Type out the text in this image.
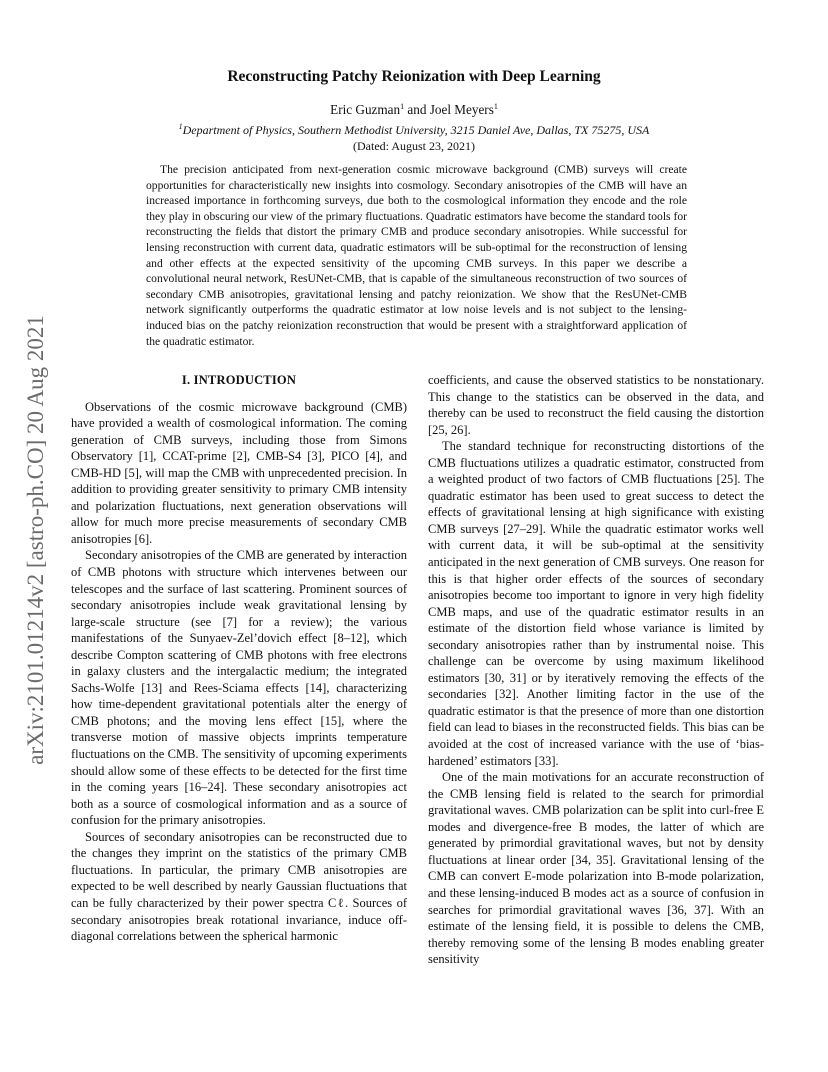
arXiv:2101.01214v2 [astro-ph.CO] 20 Aug 2021
Reconstructing Patchy Reionization with Deep Learning
Eric Guzman$^1$ and Joel Meyers$^1$
$^1$Department of Physics, Southern Methodist University, 3215 Daniel Ave, Dallas, TX 75275, USA
(Dated: August 23, 2021)
The precision anticipated from next-generation cosmic microwave background (CMB) surveys will create opportunities for characteristically new insights into cosmology. Secondary anisotropies of the CMB will have an increased importance in forthcoming surveys, due both to the cosmological information they encode and the role they play in obscuring our view of the primary fluctuations. Quadratic estimators have become the standard tools for reconstructing the fields that distort the primary CMB and produce secondary anisotropies. While successful for lensing reconstruction with current data, quadratic estimators will be sub-optimal for the reconstruction of lensing and other effects at the expected sensitivity of the upcoming CMB surveys. In this paper we describe a convolutional neural network, ResUNet-CMB, that is capable of the simultaneous reconstruction of two sources of secondary CMB anisotropies, gravitational lensing and patchy reionization. We show that the ResUNet-CMB network significantly outperforms the quadratic estimator at low noise levels and is not subject to the lensing-induced bias on the patchy reionization reconstruction that would be present with a straightforward application of the quadratic estimator.
I. INTRODUCTION

Observations of the cosmic microwave background (CMB) have provided a wealth of cosmological information. The coming generation of CMB surveys, including those from Simons Observatory [1], CCAT-prime [2], CMB-S4 [3], PICO [4], and CMB-HD [5], will map the CMB with unprecedented precision. In addition to providing greater sensitivity to primary CMB intensity and polarization fluctuations, next generation observations will allow for much more precise measurements of secondary CMB anisotropies [6].

Secondary anisotropies of the CMB are generated by interaction of CMB photons with structure which intervenes between our telescopes and the surface of last scattering. Prominent sources of secondary anisotropies include weak gravitational lensing by large-scale structure (see [7] for a review); the various manifestations of the Sunyaev-Zel’dovich effect [8–12], which describe Compton scattering of CMB photons with free electrons in galaxy clusters and the intergalactic medium; the integrated Sachs-Wolfe [13] and Rees-Sciama effects [14], characterizing how time-dependent gravitational potentials alter the energy of CMB photons; and the moving lens effect [15], where the transverse motion of massive objects imprints temperature fluctuations on the CMB. The sensitivity of upcoming experiments should allow some of these effects to be detected for the first time in the coming years [16–24]. These secondary anisotropies act both as a source of cosmological information and as a source of confusion for the primary anisotropies.

Sources of secondary anisotropies can be reconstructed due to the changes they imprint on the statistics of the primary CMB fluctuations. In particular, the primary CMB anisotropies are expected to be well described by nearly Gaussian fluctuations that can be fully characterized by their power spectra Cℓ. Sources of secondary anisotropies break rotational invariance, induce off-diagonal correlations between the spherical harmonic

coefficients, and cause the observed statistics to be nonstationary. This change to the statistics can be observed in the data, and thereby can be used to reconstruct the field causing the distortion [25, 26].

The standard technique for reconstructing distortions of the CMB fluctuations utilizes a quadratic estimator, constructed from a weighted product of two factors of CMB fluctuations [25]. The quadratic estimator has been used to great success to detect the effects of gravitational lensing at high significance with existing CMB surveys [27–29]. While the quadratic estimator works well with current data, it will be sub-optimal at the sensitivity anticipated in the next generation of CMB surveys. One reason for this is that higher order effects of the sources of secondary anisotropies become too important to ignore in very high fidelity CMB maps, and use of the quadratic estimator results in an estimate of the distortion field whose variance is limited by secondary anisotropies rather than by instrumental noise. This challenge can be overcome by using maximum likelihood estimators [30, 31] or by iteratively removing the effects of the secondaries [32]. Another limiting factor in the use of the quadratic estimator is that the presence of more than one distortion field can lead to biases in the reconstructed fields. This bias can be avoided at the cost of increased variance with the use of ‘bias-hardened’ estimators [33].

One of the main motivations for an accurate reconstruction of the CMB lensing field is related to the search for primordial gravitational waves. CMB polarization can be split into curl-free E modes and divergence-free B modes, the latter of which are generated by primordial gravitational waves, but not by density fluctuations at linear order [34, 35]. Gravitational lensing of the CMB can convert E-mode polarization into B-mode polarization, and these lensing-induced B modes act as a source of confusion in searches for primordial gravitational waves [36, 37]. With an estimate of the lensing field, it is possible to delens the CMB, thereby removing some of the lensing B modes enabling greater sensitivity
